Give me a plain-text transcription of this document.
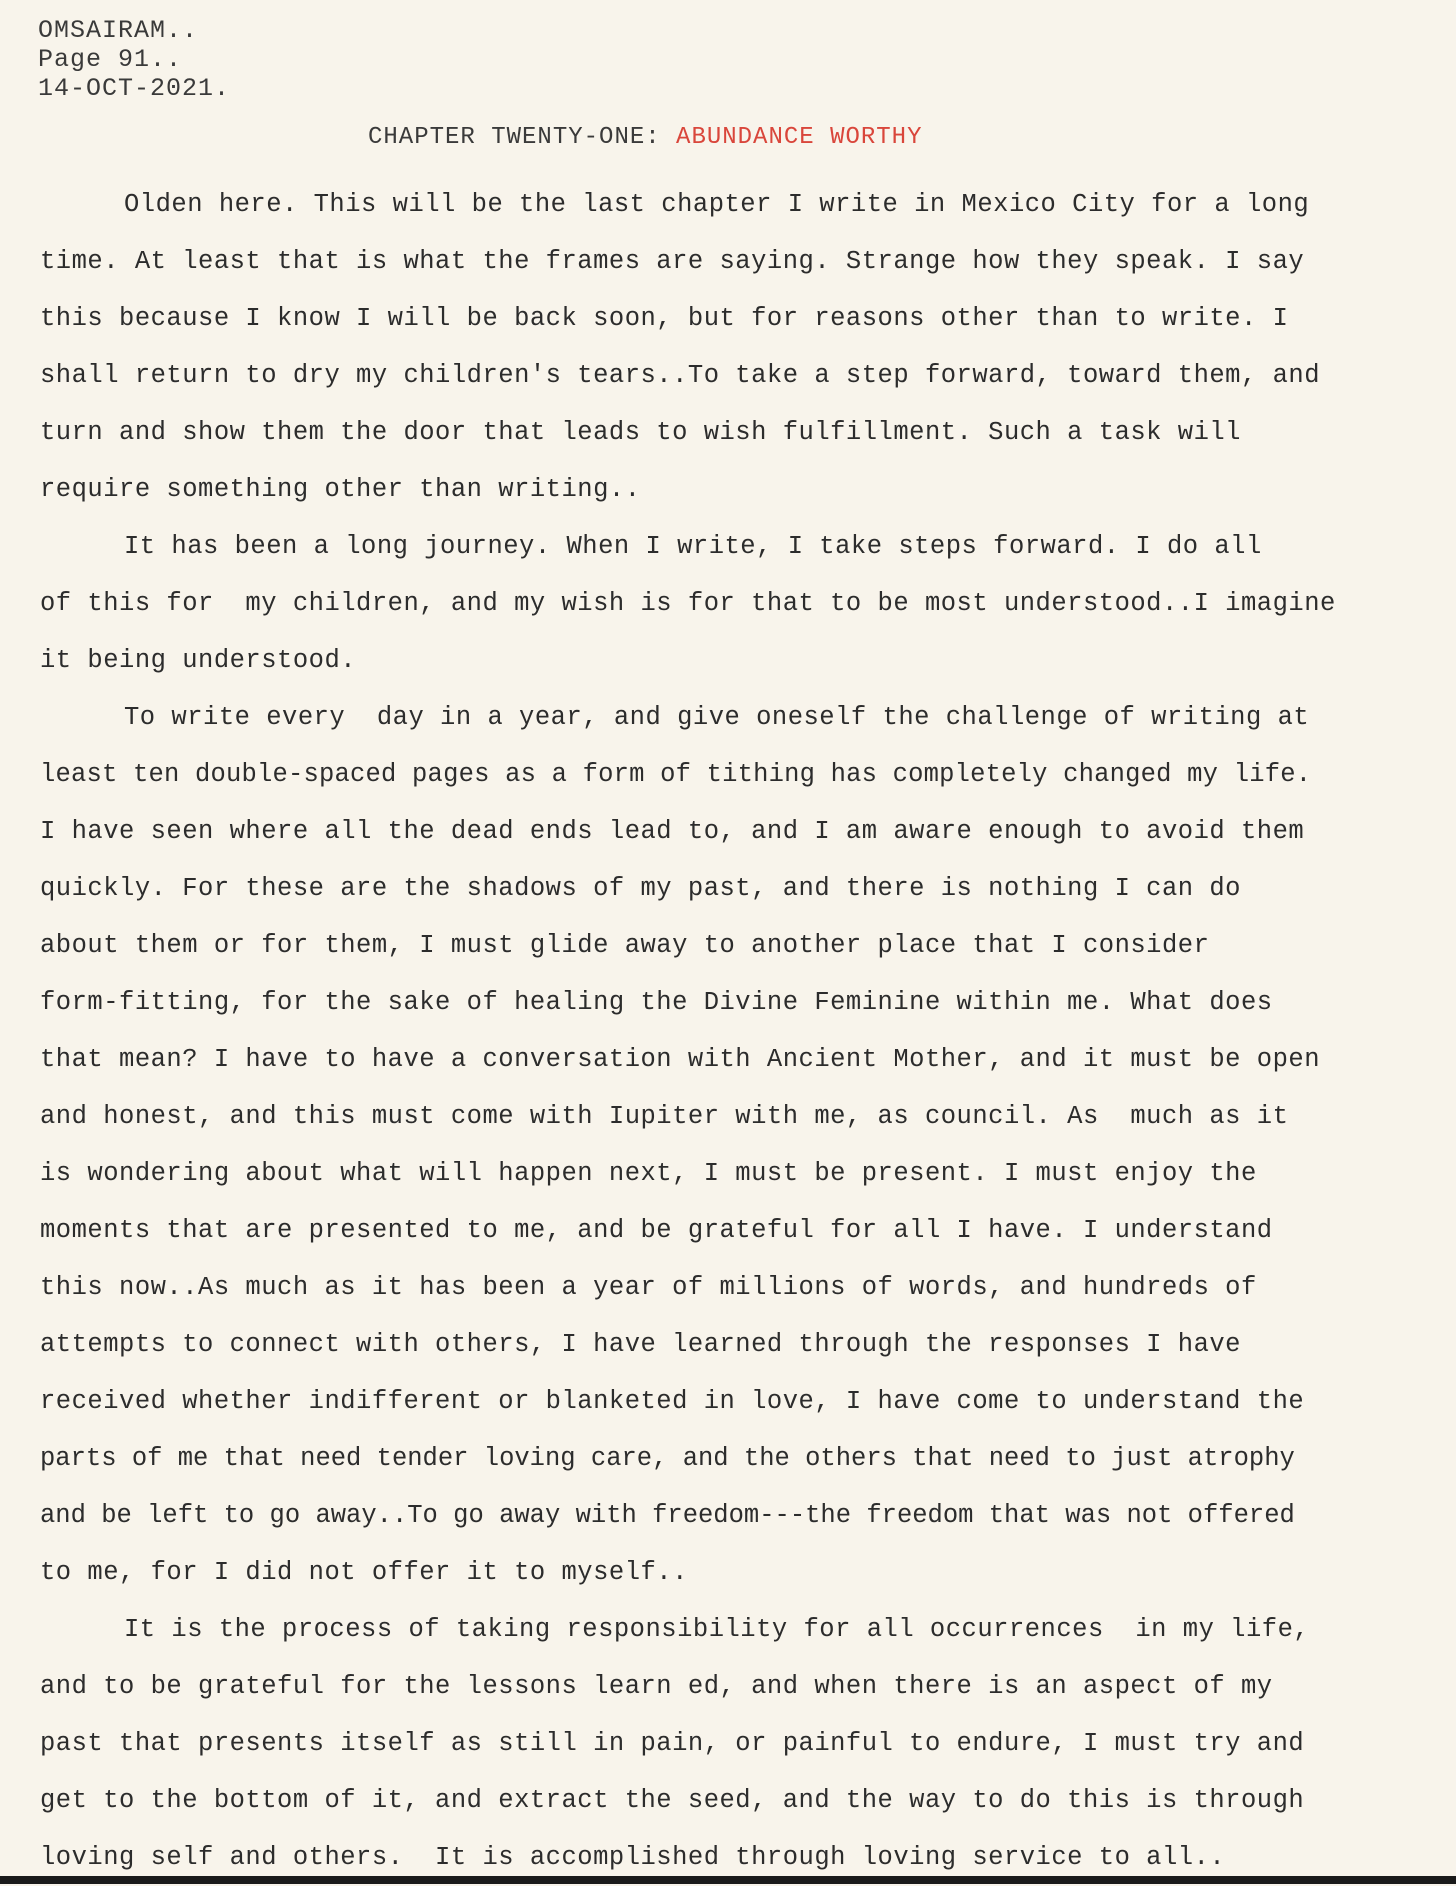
OMSAIRAM..
Page 91..
14-OCT-2021.
CHAPTER TWENTY-ONE: ABUNDANCE WORTHY
Olden here. This will be the last chapter I write in Mexico City for a long
time. At least that is what the frames are saying. Strange how they speak. I say
this because I know I will be back soon, but for reasons other than to write. I
shall return to dry my children's tears..To take a step forward, toward them, and
turn and show them the door that leads to wish fulfillment. Such a task will
require something other than writing..
It has been a long journey. When I write, I take steps forward. I do all
of this for  my children, and my wish is for that to be most understood..I imagine
it being understood.
To write every  day in a year, and give oneself the challenge of writing at
least ten double-spaced pages as a form of tithing has completely changed my life.
I have seen where all the dead ends lead to, and I am aware enough to avoid them
quickly. For these are the shadows of my past, and there is nothing I can do
about them or for them, I must glide away to another place that I consider
form-fitting, for the sake of healing the Divine Feminine within me. What does
that mean? I have to have a conversation with Ancient Mother, and it must be open
and honest, and this must come with Iupiter with me, as council. As  much as it
is wondering about what will happen next, I must be present. I must enjoy the
moments that are presented to me, and be grateful for all I have. I understand
this now..As much as it has been a year of millions of words, and hundreds of
attempts to connect with others, I have learned through the responses I have
received whether indifferent or blanketed in love, I have come to understand the
parts of me that need tender loving care, and the others that need to just atrophy
and be left to go away..To go away with freedom---the freedom that was not offered
to me, for I did not offer it to myself..
It is the process of taking responsibility for all occurrences  in my life,
and to be grateful for the lessons learn ed, and when there is an aspect of my
past that presents itself as still in pain, or painful to endure, I must try and
get to the bottom of it, and extract the seed, and the way to do this is through
loving self and others.  It is accomplished through loving service to all..
